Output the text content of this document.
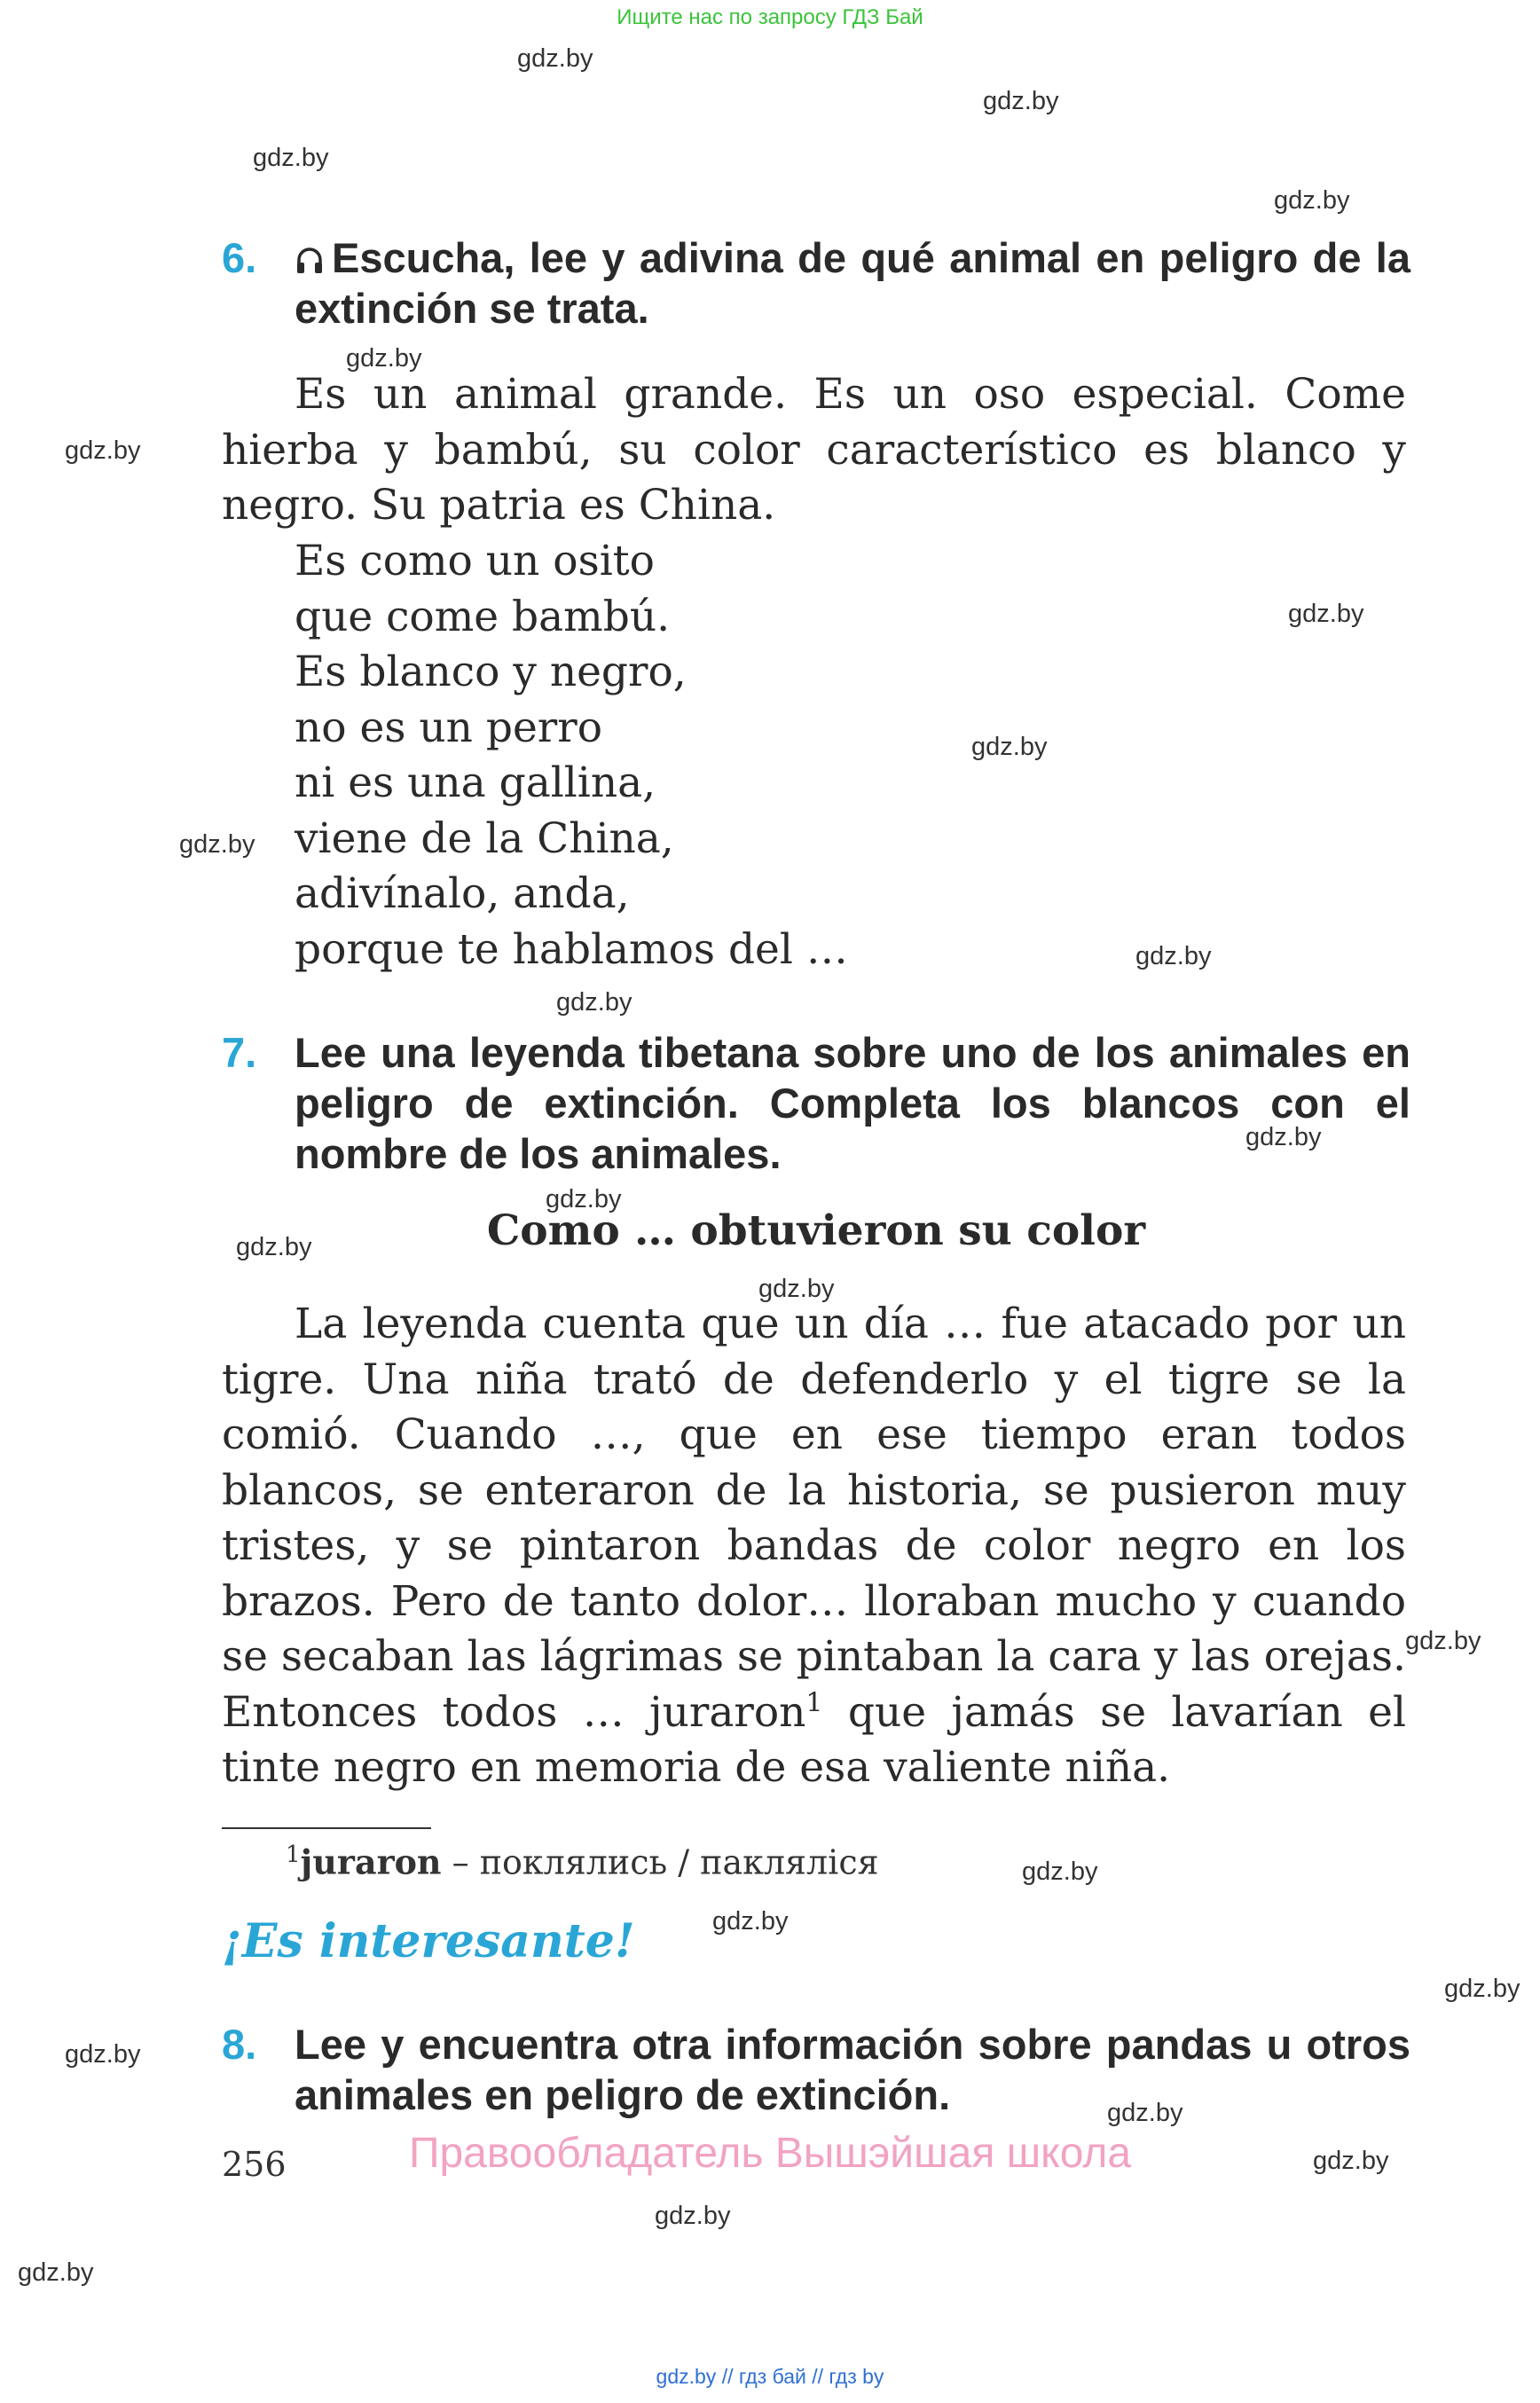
Ищите нас по запросу ГДЗ Бай
gdz.by
gdz.by
gdz.by
gdz.by
gdz.by
gdz.by
gdz.by
gdz.by
gdz.by
gdz.by
gdz.by
gdz.by
gdz.by
gdz.by
gdz.by
gdz.by
gdz.by
gdz.by
gdz.by
gdz.by
gdz.by
gdz.by
gdz.by
gdz.by
6.	Escucha, lee y adivina de qué animal en peligro de la extinción se trata.

Es un animal grande. Es un oso especial. Come hierba y bambú, su color característico es blanco y negro. Su patria es China.

Es como un osito
que come bambú.
Es blanco y negro,
no es un perro
ni es una gallina,
viene de la China,
adivínalo, anda,
porque te hablamos del …
7. Lee una leyenda tibetana sobre uno de los animales en peligro de extinción. Completa los blancos con el nombre de los animales.
Como … obtuvieron su color

La leyenda cuenta que un día … fue atacado por un tigre. Una niña trató de defenderlo y el tigre se la comió. Cuando …, que en ese tiempo eran todos blancos, se enteraron de la historia, se pusieron muy tristes, y se pintaron bandas de color negro en los brazos. Pero de tanto dolor… lloraban mucho y cuando se secaban las lágrimas se pintaban la cara y las orejas. Entonces todos … juraron$^1$ que jamás se lavarían el tinte negro en memoria de esa valiente niña.

$^1$juraron – поклялись / пакляліся
¡Es interesante!
8. Lee y encuentra otra información sobre pandas u otros animales en peligro de extinción.
Правообладатель Вышэйшая школа
256
gdz.by // гдз бай // гдз by
